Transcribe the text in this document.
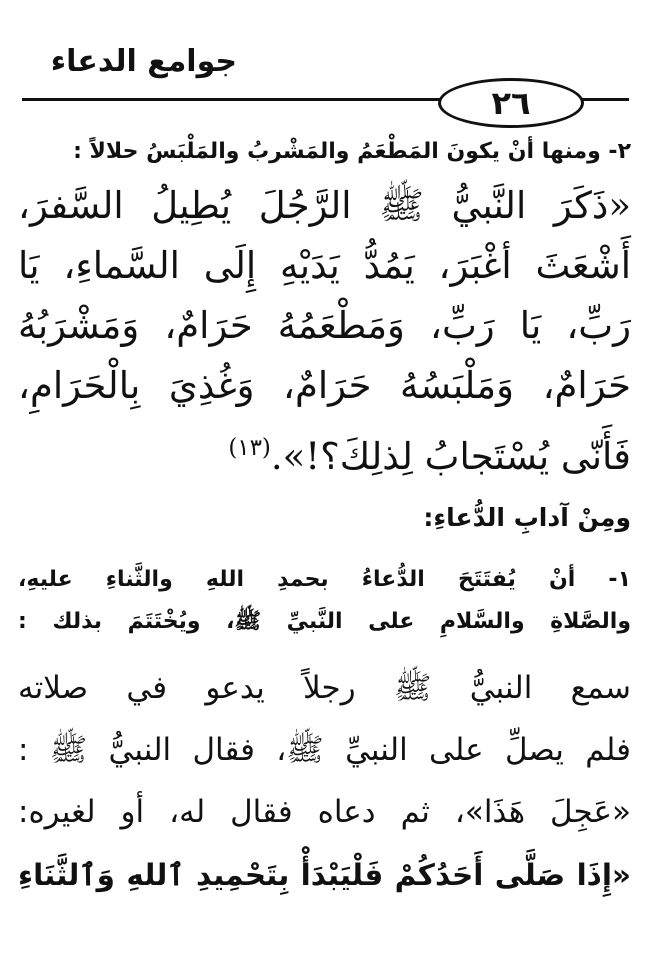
جوامع الدعاء
٢٦
٢- ومنها أنْ يكونَ المَطْعَمُ والمَشْربُ والمَلْبَسُ حلالاً :
«ذَكَرَ النَّبيُّ ﷺ الرَّجُلَ يُطِيلُ السَّفرَ،
أَشْعَثَ أغْبَرَ، يَمُدُّ يَدَيْهِ إِلَى السَّماءِ، يَا
رَبِّ، يَا رَبِّ، وَمَطْعَمُهُ حَرَامٌ، وَمَشْرَبُهُ
حَرَامٌ، وَمَلْبَسُهُ حَرَامٌ، وَغُذِيَ بِالْحَرَامِ،
فَأَنّى يُسْتَجابُ لِذلِكَ؟!».$^{(١٣)}$
ومِنْ آدابِ الدُّعاءِ:
١- أنْ يُفتَتَحَ الدُّعاءُ بحمدِ اللهِ والثَّناءِ عليهِ،
والصَّلاةِ والسَّلامِ على النَّبيِّ ﷺ، ويُخْتَتَمَ بذلك :
سمع النبيُّ ﷺ رجلاً يدعو في صلاته
فلم يصلِّ على النبيِّ ﷺ، فقال النبيُّ ﷺ :
«عَجِلَ هَذَا»، ثم دعاه فقال له، أو لغيره:
«إِذَا صَلَّى أَحَدُكُمْ فَلْيَبْدَأْ بِتَحْمِيدِ ٱللهِ وَٱلثَّنَاءِ
